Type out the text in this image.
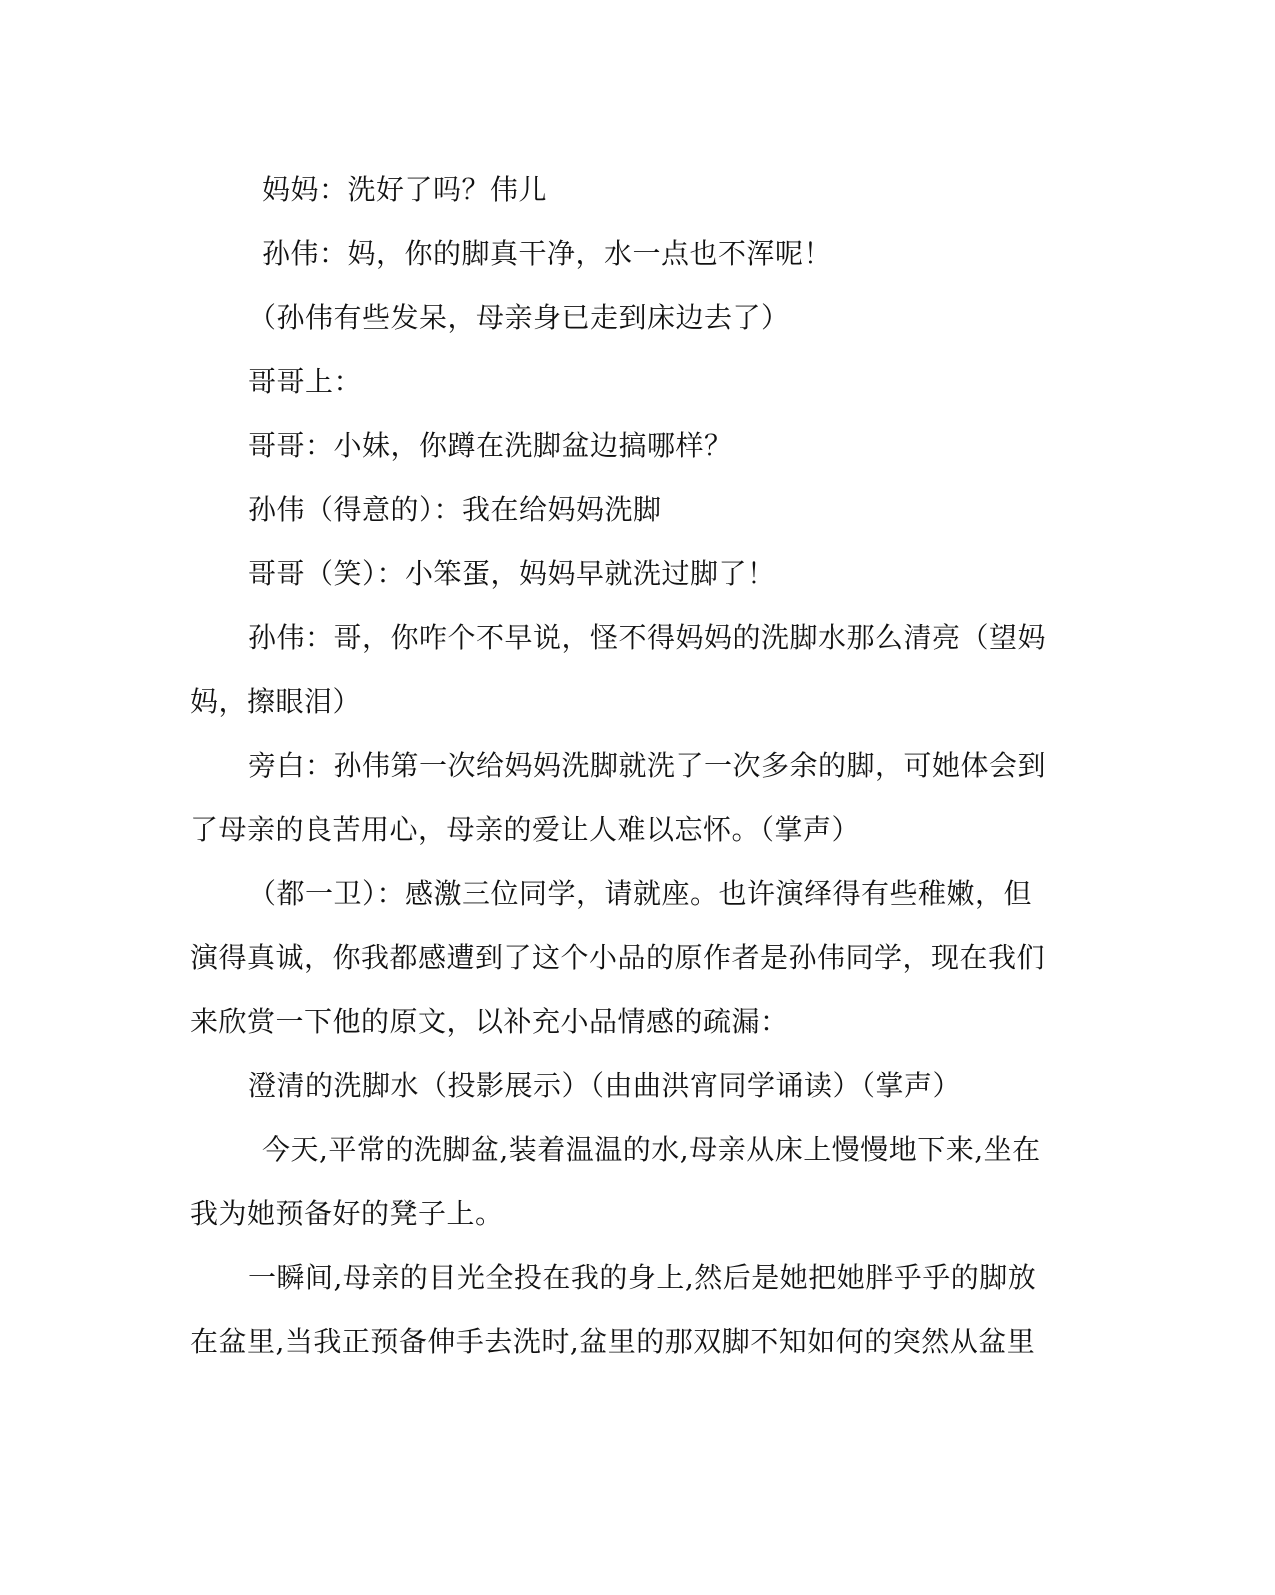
妈妈：洗好了吗？伟儿
孙伟：妈，你的脚真干净，水一点也不浑呢！
（孙伟有些发呆，母亲身已走到床边去了）
哥哥上：
哥哥：小妹，你蹲在洗脚盆边搞哪样？
孙伟（得意的）：我在给妈妈洗脚
哥哥（笑）：小笨蛋，妈妈早就洗过脚了！
孙伟：哥，你咋个不早说，怪不得妈妈的洗脚水那么清亮（望妈
妈，擦眼泪）
旁白：孙伟第一次给妈妈洗脚就洗了一次多余的脚，可她体会到
了母亲的良苦用心，母亲的爱让人难以忘怀。（掌声）
（都一卫）：感激三位同学，请就座。也许演绎得有些稚嫩，但
演得真诚，你我都感遭到了这个小品的原作者是孙伟同学，现在我们
来欣赏一下他的原文，以补充小品情感的疏漏：
澄清的洗脚水（投影展示）（由曲洪宵同学诵读）（掌声）
今天,平常的洗脚盆,装着温温的水,母亲从床上慢慢地下来,坐在
我为她预备好的凳子上。
一瞬间,母亲的目光全投在我的身上,然后是她把她胖乎乎的脚放
在盆里,当我正预备伸手去洗时,盆里的那双脚不知如何的突然从盆里
